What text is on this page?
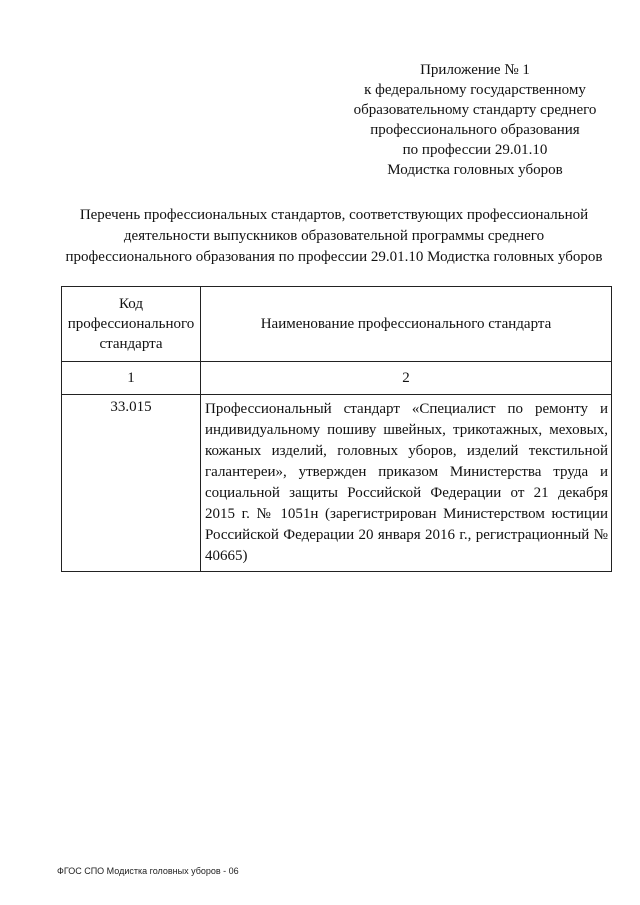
Приложение № 1
к федеральному государственному
образовательному стандарту среднего
профессионального образования
по профессии 29.01.10
Модистка головных уборов
Перечень профессиональных стандартов, соответствующих профессиональной
деятельности выпускников образовательной программы среднего
профессионального образования по профессии 29.01.10 Модистка головных уборов
Код
профессионального
стандарта	Наименование профессионального стандарта
1	2
33.015	Профессиональный стандарт «Специалист по ремонту и индивидуальному пошиву швейных, трикотажных, меховых, кожаных изделий, головных уборов, изделий текстильной галантереи», утвержден приказом Министерства труда и социальной защиты Российской Федерации от 21 декабря 2015 г. № 1051н (зарегистрирован Министерством юстиции Российской Федерации 20 января 2016 г., регистрационный № 40665)
ФГОС СПО Модистка головных уборов - 06
